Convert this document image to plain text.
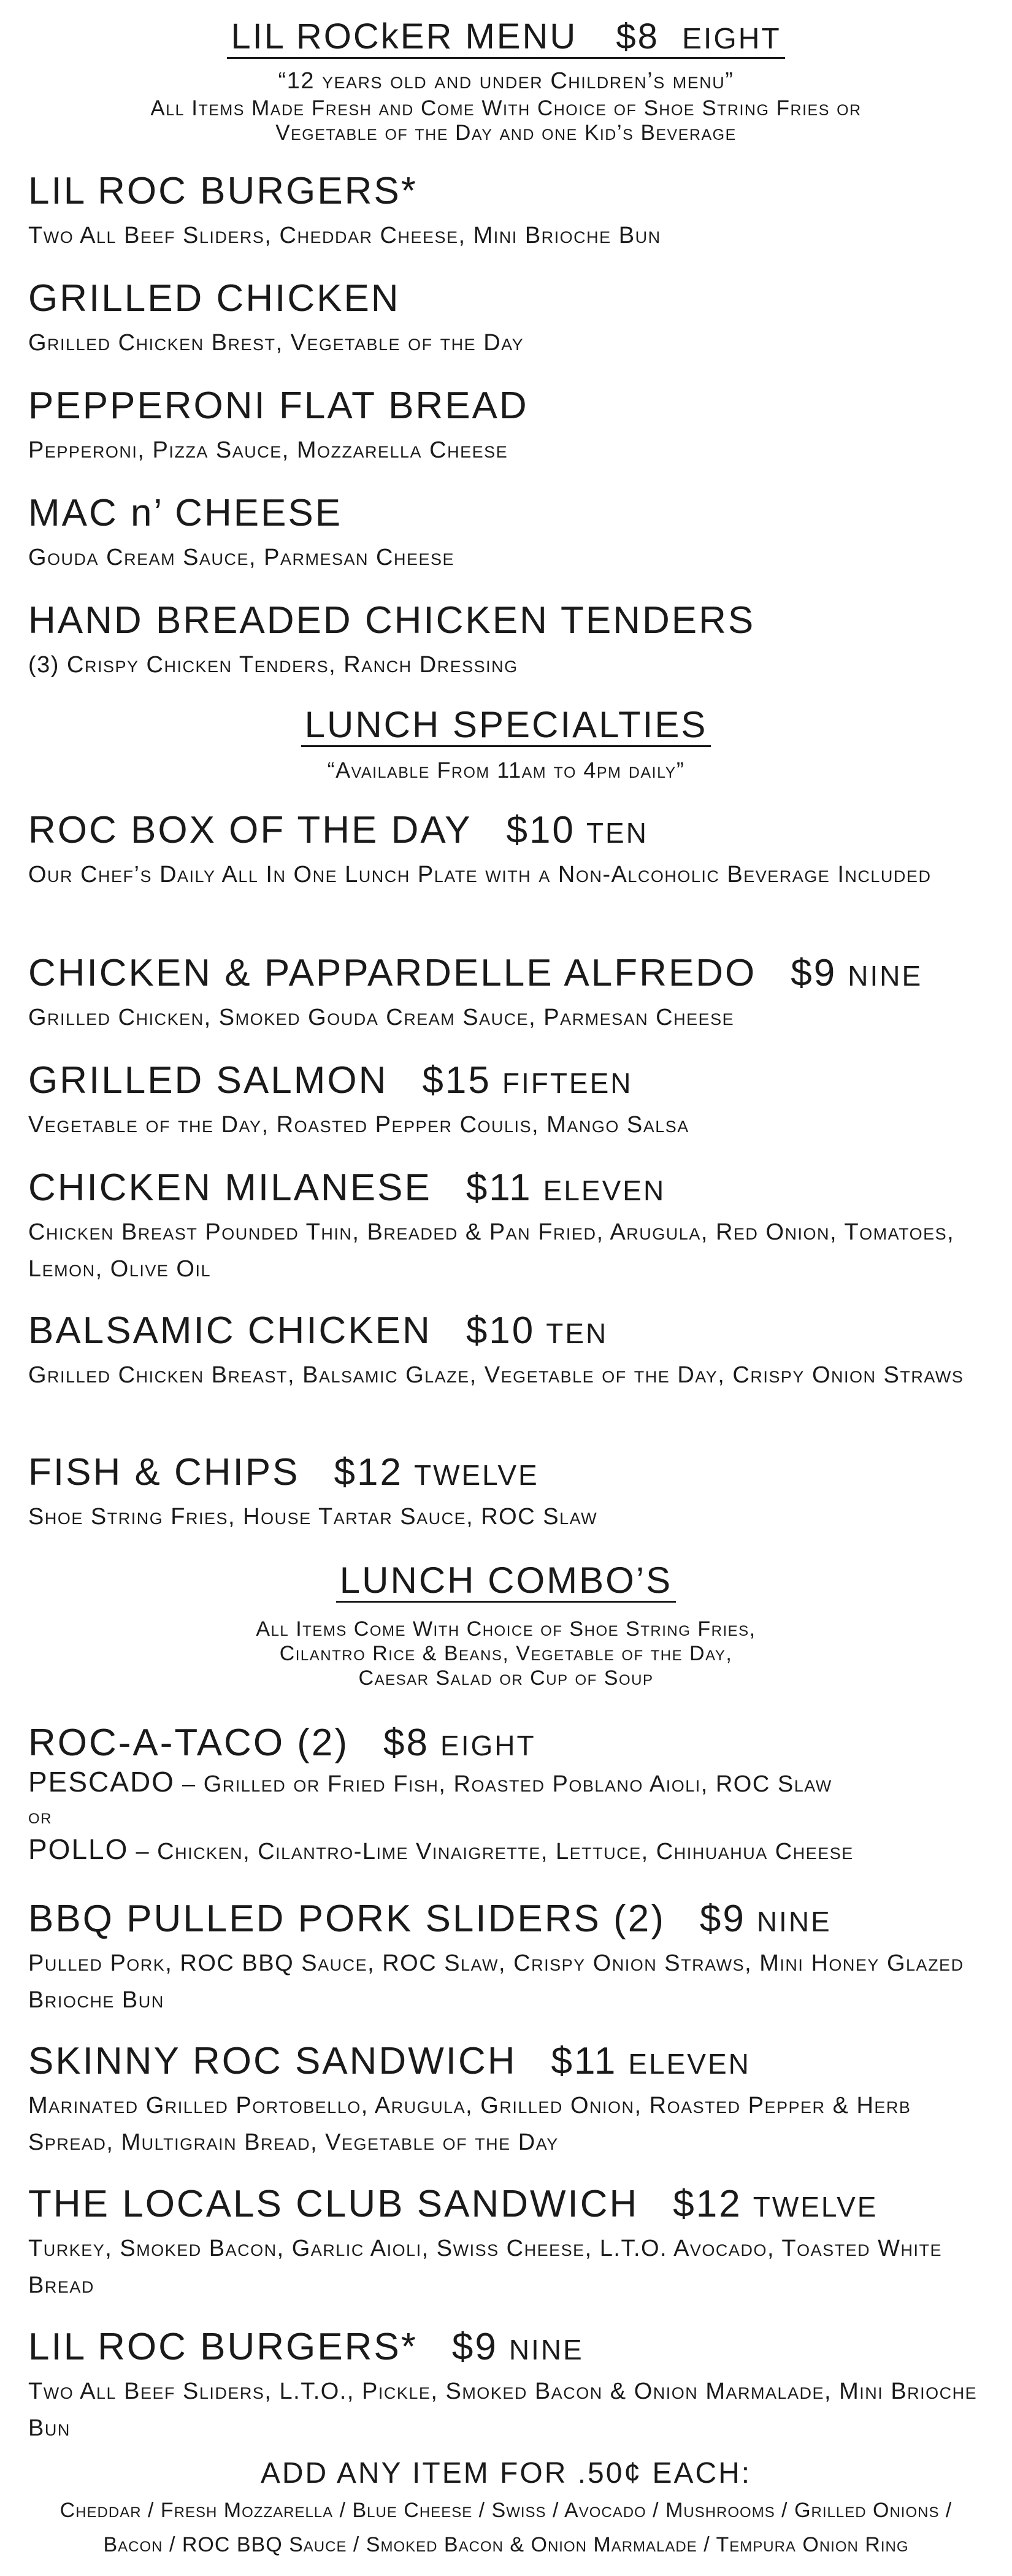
LIL ROCkER MENU $8 EIGHT
“12 years old and under Children’s menu”
All Items Made Fresh and Come With Choice of Shoe String Fries or
Vegetable of the Day and one Kid’s Beverage
LIL ROC BURGERS*
Two All Beef Sliders, Cheddar Cheese, Mini Brioche Bun
GRILLED CHICKEN
Grilled Chicken Brest, Vegetable of the Day
PEPPERONI FLAT BREAD
Pepperoni, Pizza Sauce, Mozzarella Cheese
MAC n’ CHEESE
Gouda Cream Sauce, Parmesan Cheese
HAND BREADED CHICKEN TENDERS
(3) Crispy Chicken Tenders, Ranch Dressing
LUNCH SPECIALTIES
“Available From 11am to 4pm daily”
ROC BOX OF THE DAY $10 TEN
Our Chef’s Daily All In One Lunch Plate with a Non-Alcoholic Beverage Included
CHICKEN & PAPPARDELLE ALFREDO $9 NINE
Grilled Chicken, Smoked Gouda Cream Sauce, Parmesan Cheese
GRILLED SALMON $15 FIFTEEN
Vegetable of the Day, Roasted Pepper Coulis, Mango Salsa
CHICKEN MILANESE $11 ELEVEN
Chicken Breast Pounded Thin, Breaded & Pan Fried, Arugula, Red Onion, Tomatoes, Lemon, Olive Oil
BALSAMIC CHICKEN $10 TEN
Grilled Chicken Breast, Balsamic Glaze, Vegetable of the Day, Crispy Onion Straws
FISH & CHIPS $12 TWELVE
Shoe String Fries, House Tartar Sauce, ROC Slaw
LUNCH COMBO’S
All Items Come With Choice of Shoe String Fries,
Cilantro Rice & Beans, Vegetable of the Day,
Caesar Salad or Cup of Soup
ROC-A-TACO (2) $8 EIGHT
PESCADO – Grilled or Fried Fish, Roasted Poblano Aioli, ROC Slaw
or
POLLO – Chicken, Cilantro-Lime Vinaigrette, Lettuce, Chihuahua Cheese
BBQ PULLED PORK SLIDERS (2) $9 NINE
Pulled Pork, ROC BBQ Sauce, ROC Slaw, Crispy Onion Straws, Mini Honey Glazed Brioche Bun
SKINNY ROC SANDWICH $11 ELEVEN
Marinated Grilled Portobello, Arugula, Grilled Onion, Roasted Pepper & Herb Spread, Multigrain Bread, Vegetable of the Day
THE LOCALS CLUB SANDWICH $12 TWELVE
Turkey, Smoked Bacon, Garlic Aioli, Swiss Cheese, L.T.O. Avocado, Toasted White Bread
LIL ROC BURGERS* $9 NINE
Two All Beef Sliders, L.T.O., Pickle, Smoked Bacon & Onion Marmalade, Mini Brioche Bun
ADD ANY ITEM FOR .50¢ EACH:
Cheddar / Fresh Mozzarella / Blue Cheese / Swiss / Avocado / Mushrooms / Grilled Onions /
Bacon / ROC BBQ Sauce / Smoked Bacon & Onion Marmalade / Tempura Onion Ring
